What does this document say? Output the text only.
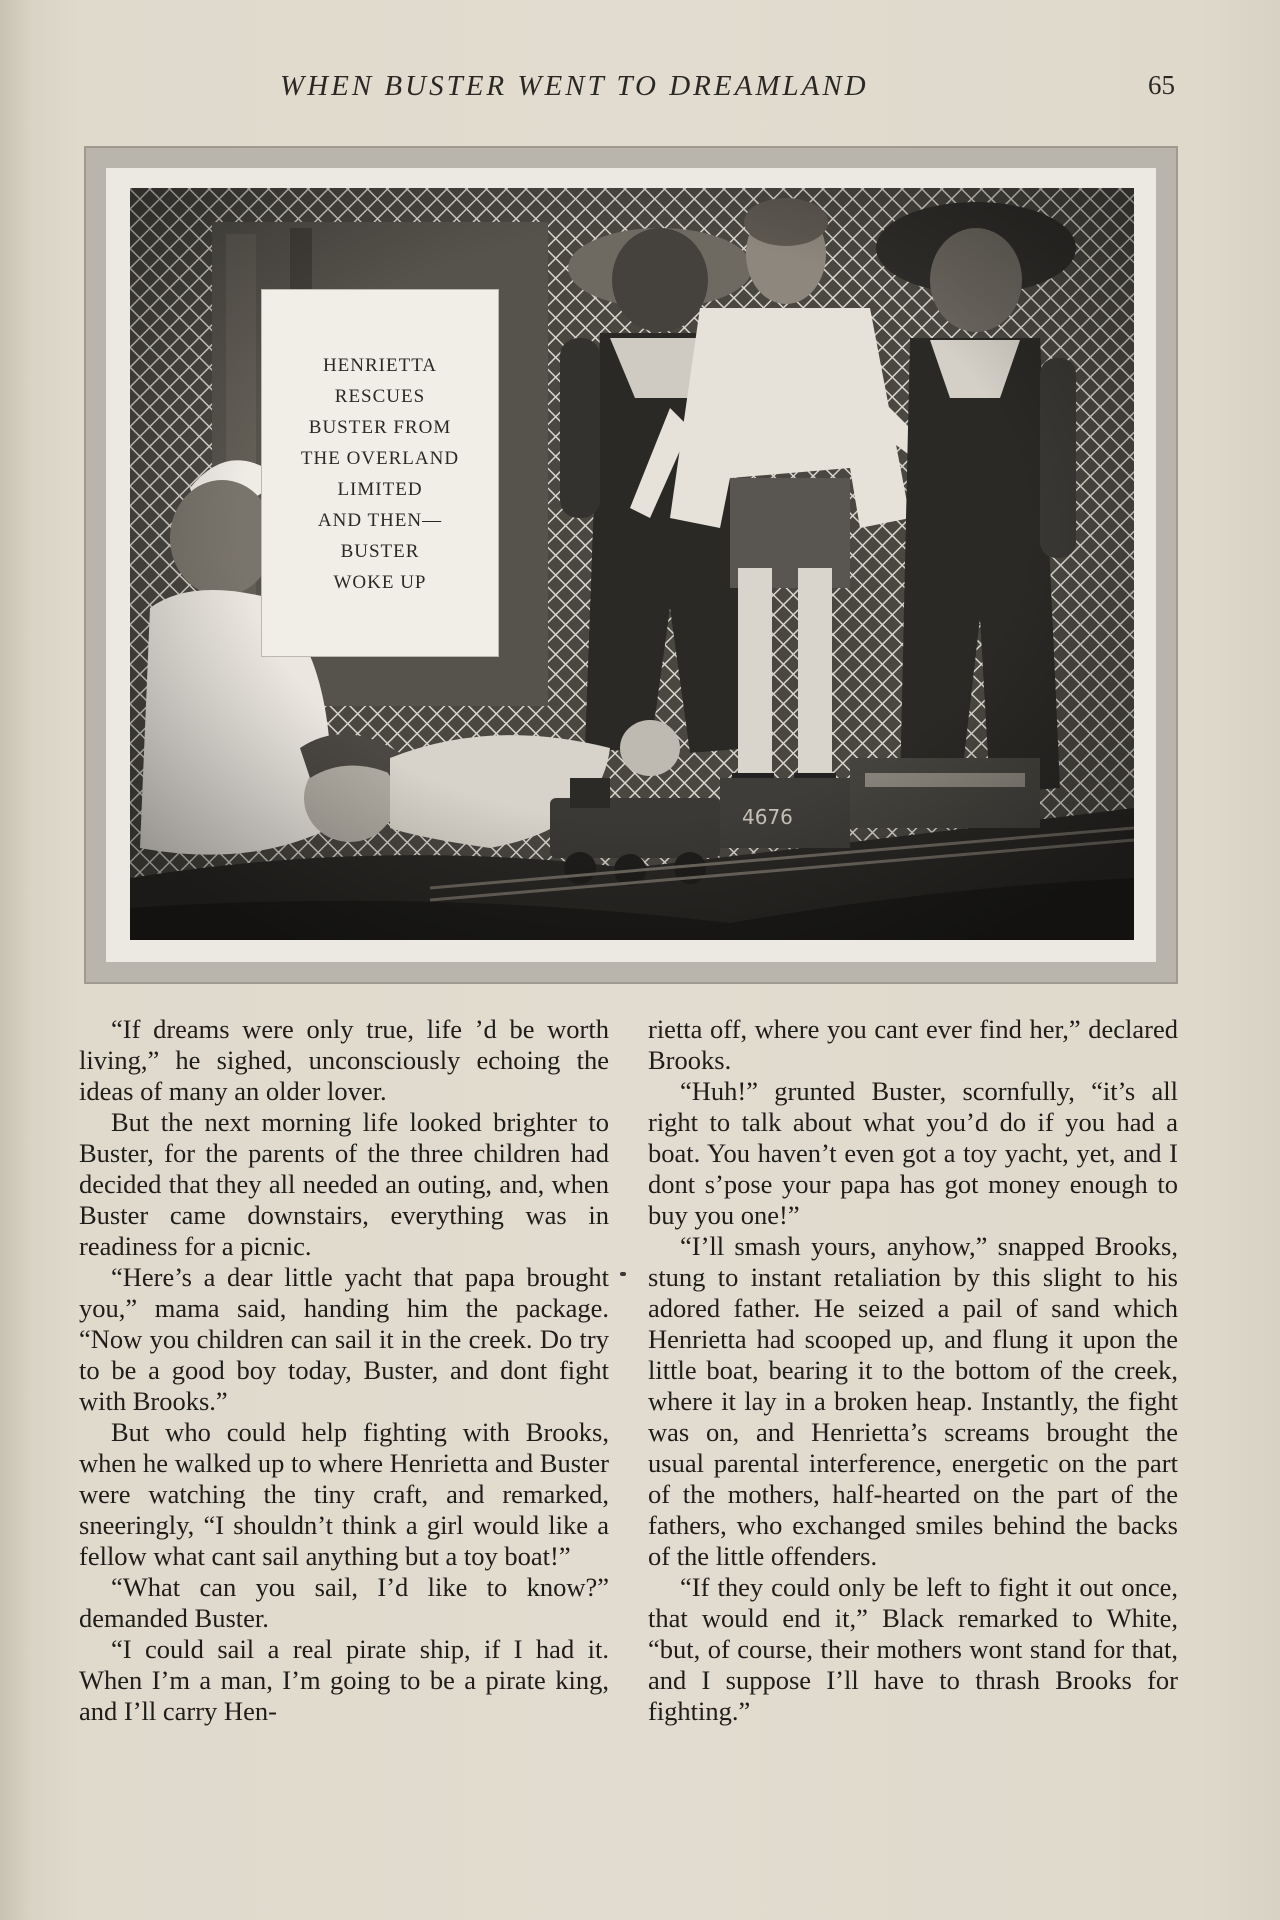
WHEN BUSTER WENT TO DREAMLAND	65
HENRIETTA
RESCUES
BUSTER FROM
THE OVERLAND
LIMITED
AND THEN—
BUSTER
WOKE UP

“If dreams were only true, life ’d be worth living,” he sighed, unconsciously echoing the ideas of many an older lover.

But the next morning life looked brighter to Buster, for the parents of the three children had decided that they all needed an outing, and, when Buster came downstairs, everything was in readiness for a picnic.

“Here’s a dear little yacht that papa brought you,” mama said, handing him the package. “Now you children can sail it in the creek. Do try to be a good boy today, Buster, and dont fight with Brooks.”

But who could help fighting with Brooks, when he walked up to where Henrietta and Buster were watching the tiny craft, and remarked, sneeringly, “I shouldn’t think a girl would like a fellow what cant sail anything but a toy boat!”

“What can you sail, I’d like to know?” demanded Buster.

“I could sail a real pirate ship, if I had it. When I’m a man, I’m going to be a pirate king, and I’ll carry Hen-

rietta off, where you cant ever find her,” declared Brooks.

“Huh!” grunted Buster, scornfully, “it’s all right to talk about what you’d do if you had a boat. You haven’t even got a toy yacht, yet, and I dont s’pose your papa has got money enough to buy you one!”

“I’ll smash yours, anyhow,” snapped Brooks, stung to instant retaliation by this slight to his adored father. He seized a pail of sand which Henrietta had scooped up, and flung it upon the little boat, bearing it to the bottom of the creek, where it lay in a broken heap. Instantly, the fight was on, and Henrietta’s screams brought the usual parental interference, energetic on the part of the mothers, half-hearted on the part of the fathers, who exchanged smiles behind the backs of the little offenders.

“If they could only be left to fight it out once, that would end it,” Black remarked to White, “but, of course, their mothers wont stand for that, and I suppose I’ll have to thrash Brooks for fighting.”
